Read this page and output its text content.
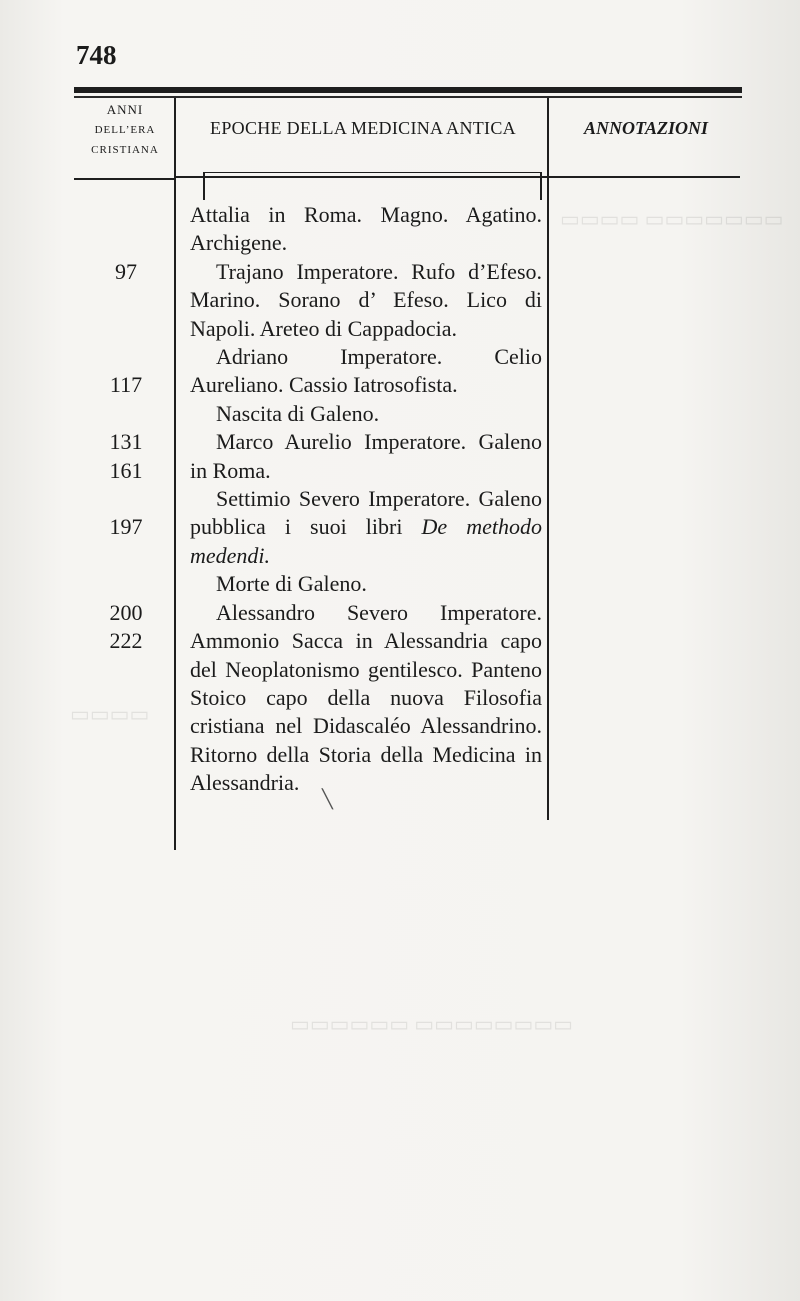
748
▭▭▭▭ ▭▭▭▭▭▭▭
▭▭▭▭
▭▭▭▭▭▭ ▭▭▭▭▭▭▭▭
ANNI
DELL’ERA
CRISTIANA
EPOCHE DELLA MEDICINA ANTICA	ANNOTAZIONI
97
117
131
161
197
200
222

Attalia in Roma. Magno. Agatino. Archigene.

Trajano Imperatore. Rufo d’Efeso. Marino. Sorano d’ Efeso. Lico di Napoli. Areteo di Cappadocia.

Adriano Imperatore. Celio Aureliano. Cassio Iatrosofista.

Nascita di Galeno.

Marco Aurelio Imperatore. Galeno in Roma.

Settimio Severo Imperatore. Galeno pubblica i suoi libri De methodo medendi.

Morte di Galeno.

Alessandro Severo Imperatore. Ammonio Sacca in Alessandria capo del Neoplatonismo gentilesco. Panteno Stoico capo della nuova Filosofia cristiana nel Didascaléo Alessandrino. Ritorno della Storia della Medicina in Alessandria.

╲
